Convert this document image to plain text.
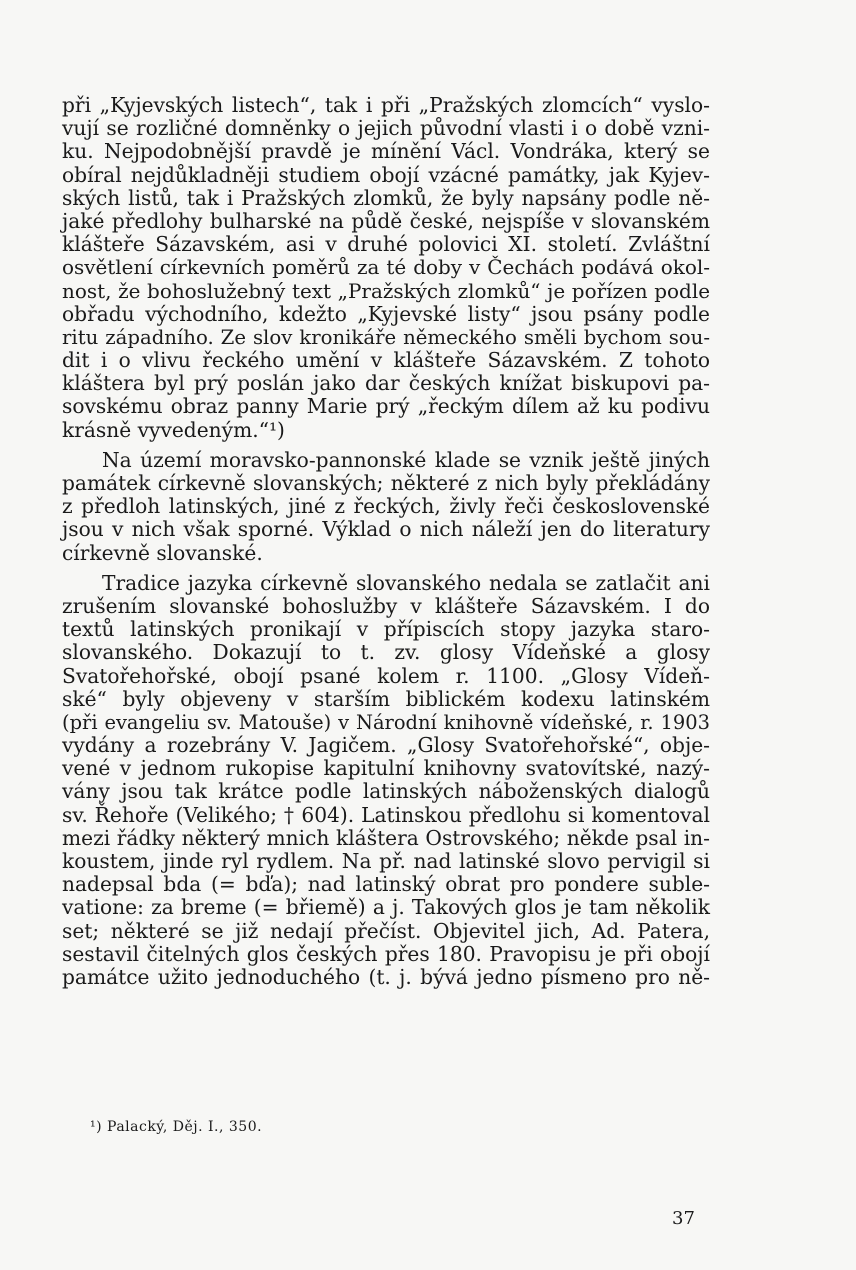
při „Kyjevských listech“, tak i při „Pražských zlomcích“ vyslo-
vují se rozličné domněnky o jejich původní vlasti i o době vzni-
ku. Nejpodobnější pravdě je mínění Václ. Vondráka, který se
obíral nejdůkladněji studiem obojí vzácné památky, jak Kyjev-
ských listů, tak i Pražských zlomků, že byly napsány podle ně-
jaké předlohy bulharské na půdě české, nejspíše v slovanském
klášteře Sázavském, asi v druhé polovici XI. století. Zvláštní
osvětlení církevních poměrů za té doby v Čechách podává okol-
nost, že bohoslužebný text „Pražských zlomků“ je pořízen podle
obřadu východního, kdežto „Kyjevské listy“ jsou psány podle
ritu západního. Ze slov kronikáře německého směli bychom sou-
dit i o vlivu řeckého umění v klášteře Sázavském. Z tohoto
kláštera byl prý poslán jako dar českých knížat biskupovi pa-
sovskému obraz panny Marie prý „řeckým dílem až ku podivu
krásně vyvedeným.“¹)
Na území moravsko-pannonské klade se vznik ještě jiných
památek církevně slovanských; některé z nich byly překládány
z předloh latinských, jiné z řeckých, živly řeči československé
jsou v nich však sporné. Výklad o nich náleží jen do literatury
církevně slovanské.
Tradice jazyka církevně slovanského nedala se zatlačit ani
zrušením slovanské bohoslužby v klášteře Sázavském. I do
textů latinských pronikají v přípiscích stopy jazyka staro-
slovanského. Dokazují to t. zv. glosy Vídeňské a glosy
Svatořehořské, obojí psané kolem r. 1100. „Glosy Vídeň-
ské“ byly objeveny v starším biblickém kodexu latinském
(při evangeliu sv. Matouše) v Národní knihovně vídeňské, r. 1903
vydány a rozebrány V. Jagičem. „Glosy Svatořehořské“, obje-
vené v jednom rukopise kapitulní knihovny svatovítské, nazý-
vány jsou tak krátce podle latinských náboženských dialogů
sv. Řehoře (Velikého; † 604). Latinskou předlohu si komentoval
mezi řádky některý mnich kláštera Ostrovského; někde psal in-
koustem, jinde ryl rydlem. Na př. nad latinské slovo pervigil si
nadepsal bda (= bďa); nad latinský obrat pro pondere suble-
vatione: za breme (= břiemě) a j. Takových glos je tam několik
set; některé se již nedají přečíst. Objevitel jich, Ad. Patera,
sestavil čitelných glos českých přes 180. Pravopisu je při obojí
památce užito jednoduchého (t. j. bývá jedno písmeno pro ně-
¹) Palacký, Děj. I., 350.
37
